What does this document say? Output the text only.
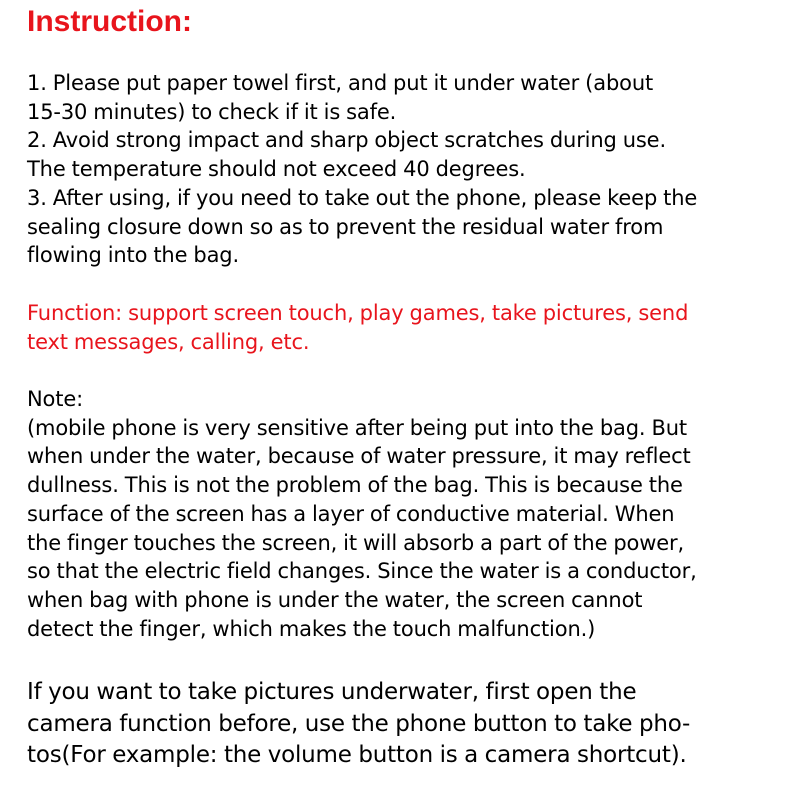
Instruction:
1. Please put paper towel first, and put it under water (about
15-30 minutes) to check if it is safe.
2. Avoid strong impact and sharp object scratches during use.
The temperature should not exceed 40 degrees.
3. After using, if you need to take out the phone, please keep the
sealing closure down so as to prevent the residual water from
flowing into the bag.
Function: support screen touch, play games, take pictures, send
text messages, calling, etc.
Note:
(mobile phone is very sensitive after being put into the bag. But
when under the water, because of water pressure, it may reflect
dullness. This is not the problem of the bag. This is because the
surface of the screen has a layer of conductive material. When
the finger touches the screen, it will absorb a part of the power,
so that the electric field changes. Since the water is a conductor,
when bag with phone is under the water, the screen cannot
detect the finger, which makes the touch malfunction.)
If you want to take pictures underwater, first open the
camera function before, use the phone button to take pho-
tos(For example: the volume button is a camera shortcut).
